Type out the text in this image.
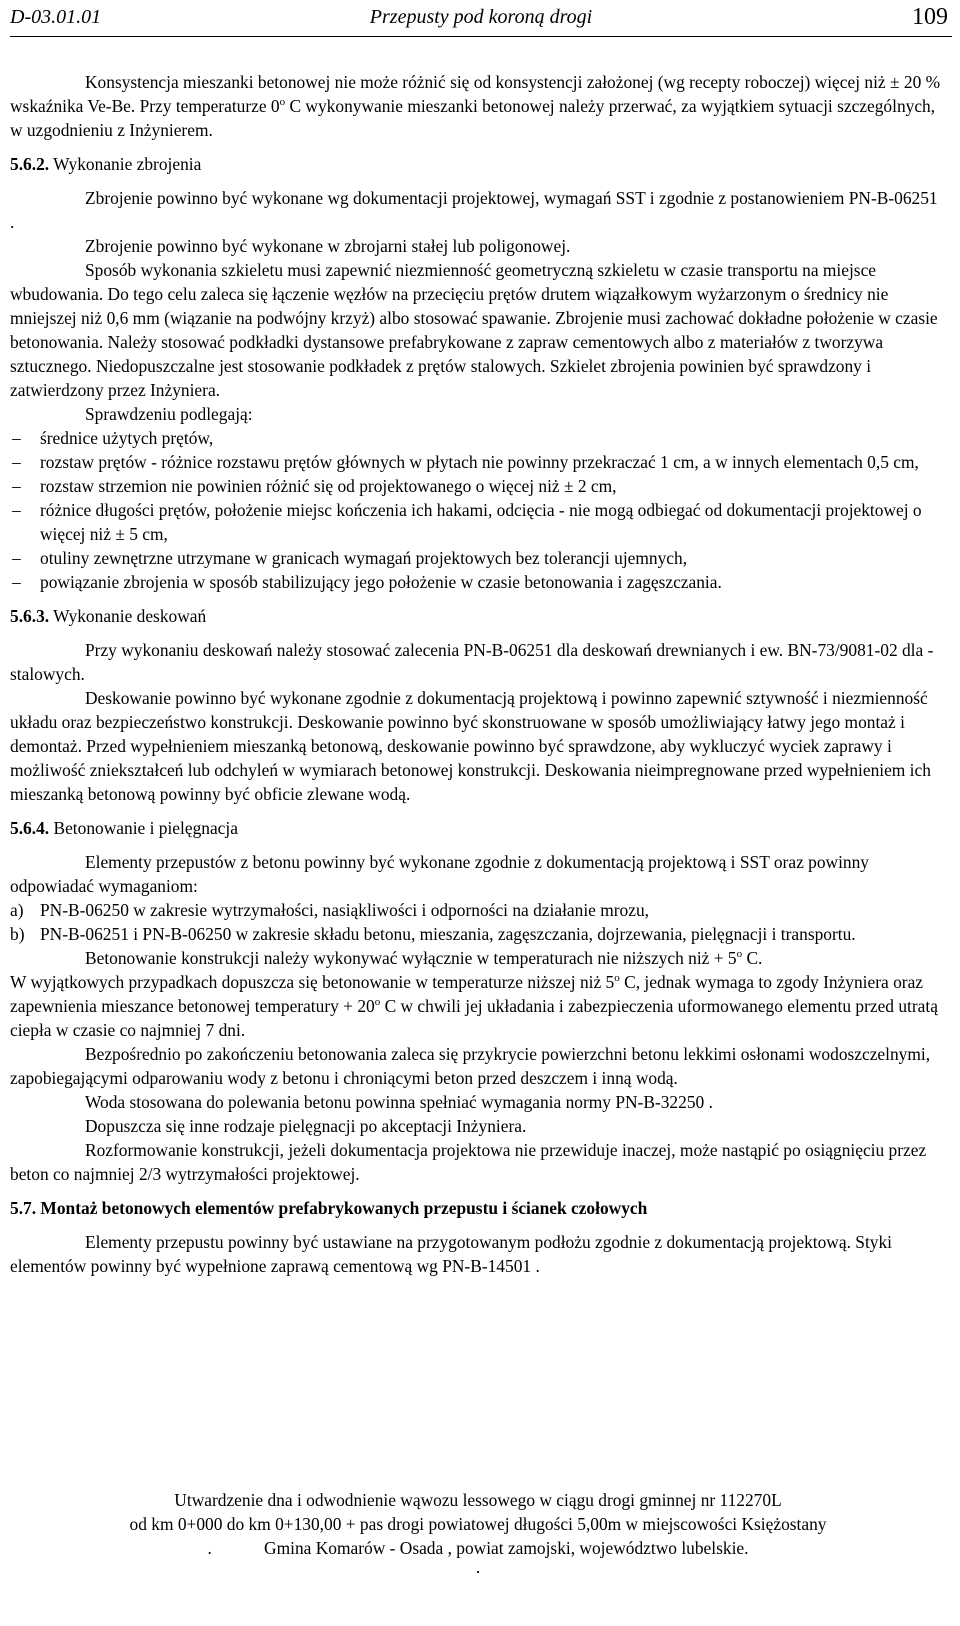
D-03.01.01	Przepusty pod koroną drogi	109

Konsystencja mieszanki betonowej nie może różnić się od konsystencji założonej (wg recepty roboczej) więcej niż ± 20 % wskaźnika Ve-Be. Przy temperaturze 0$^o$ C wykonywanie mieszanki betonowej należy przerwać, za wyjątkiem sytuacji szczególnych, w uzgodnieniu z Inżynierem.

5.6.2. Wykonanie zbrojenia

Zbrojenie powinno być wykonane wg dokumentacji projektowej, wymagań SST i zgodnie z postanowieniem PN-B-06251 .

Zbrojenie powinno być wykonane w zbrojarni stałej lub poligonowej.

Sposób wykonania szkieletu musi zapewnić niezmienność geometryczną szkieletu w czasie transportu na miejsce wbudowania. Do tego celu zaleca się łączenie węzłów na przecięciu prętów drutem wiązałkowym wyżarzonym o średnicy nie mniejszej niż 0,6 mm (wiązanie na podwójny krzyż) albo stosować spawanie. Zbrojenie musi zachować dokładne położenie w czasie betonowania. Należy stosować podkładki dystansowe prefabrykowane z zapraw cementowych albo z materiałów z tworzywa sztucznego. Niedopuszczalne jest stosowanie podkładek z prętów stalowych. Szkielet zbrojenia powinien być sprawdzony i zatwierdzony przez Inżyniera.

Sprawdzeniu podlegają:

– średnice użytych prętów,
– rozstaw prętów - różnice rozstawu prętów głównych w płytach nie powinny przekraczać 1 cm, a w innych elementach 0,5 cm,
– rozstaw strzemion nie powinien różnić się od projektowanego o więcej niż ± 2 cm,
– różnice długości prętów, położenie miejsc kończenia ich hakami, odcięcia - nie mogą odbiegać od dokumentacji projektowej o więcej niż ± 5 cm,
– otuliny zewnętrzne utrzymane w granicach wymagań projektowych bez tolerancji ujemnych,
– powiązanie zbrojenia w sposób stabilizujący jego położenie w czasie betonowania i zagęszczania.

5.6.3. Wykonanie deskowań

Przy wykonaniu deskowań należy stosować zalecenia PN-B-06251 dla deskowań drewnianych i ew. BN-73/9081-02 dla - stalowych.

Deskowanie powinno być wykonane zgodnie z dokumentacją projektową i powinno zapewnić sztywność i niezmienność układu oraz bezpieczeństwo konstrukcji. Deskowanie powinno być skonstruowane w sposób umożliwiający łatwy jego montaż i demontaż. Przed wypełnieniem mieszanką betonową, deskowanie powinno być sprawdzone, aby wykluczyć wyciek zaprawy i możliwość zniekształceń lub odchyleń w wymiarach betonowej konstrukcji. Deskowania nieimpregnowane przed wypełnieniem ich mieszanką betonową powinny być obficie zlewane wodą.

5.6.4. Betonowanie i pielęgnacja

Elementy przepustów z betonu powinny być wykonane zgodnie z dokumentacją projektową i SST oraz powinny odpowiadać wymaganiom:

a) PN-B-06250 w zakresie wytrzymałości, nasiąkliwości i odporności na działanie mrozu,
b) PN-B-06251 i PN-B-06250 w zakresie składu betonu, mieszania, zagęszczania, dojrzewania, pielęgnacji i transportu.

Betonowanie konstrukcji należy wykonywać wyłącznie w temperaturach nie niższych niż + $5^o$ C.

W wyjątkowych przypadkach dopuszcza się betonowanie w temperaturze niższej niż 5$^o$ C, jednak wymaga to zgody Inżyniera oraz zapewnienia mieszance betonowej temperatury + $20^o$ C w chwili jej układania i zabezpieczenia uformowanego elementu przed utratą ciepła w czasie co najmniej 7 dni.

Bezpośrednio po zakończeniu betonowania zaleca się przykrycie powierzchni betonu lekkimi osłonami wodoszczelnymi, zapobiegającymi odparowaniu wody z betonu i chroniącymi beton przed deszczem i inną wodą.

Woda stosowana do polewania betonu powinna spełniać wymagania normy PN-B-32250 .

Dopuszcza się inne rodzaje pielęgnacji po akceptacji Inżyniera.

Rozformowanie konstrukcji, jeżeli dokumentacja projektowa nie przewiduje inaczej, może nastąpić po osiągnięciu przez beton co najmniej 2/3 wytrzymałości projektowej.

5.7. Montaż betonowych elementów prefabrykowanych przepustu i ścianek czołowych

Elementy przepustu powinny być ustawiane na przygotowanym podłożu zgodnie z dokumentacją projektową. Styki elementów powinny być wypełnione zaprawą cementową wg PN-B-14501 .

Utwardzenie dna i odwodnienie wąwozu lessowego w ciągu drogi gminnej nr 112270L

od km 0+000 do km 0+130,00 + pas drogi powiatowej długości 5,00m w miejscowości Księżostany

.            Gmina Komarów - Osada , powiat zamojski, województwo lubelskie.

.
